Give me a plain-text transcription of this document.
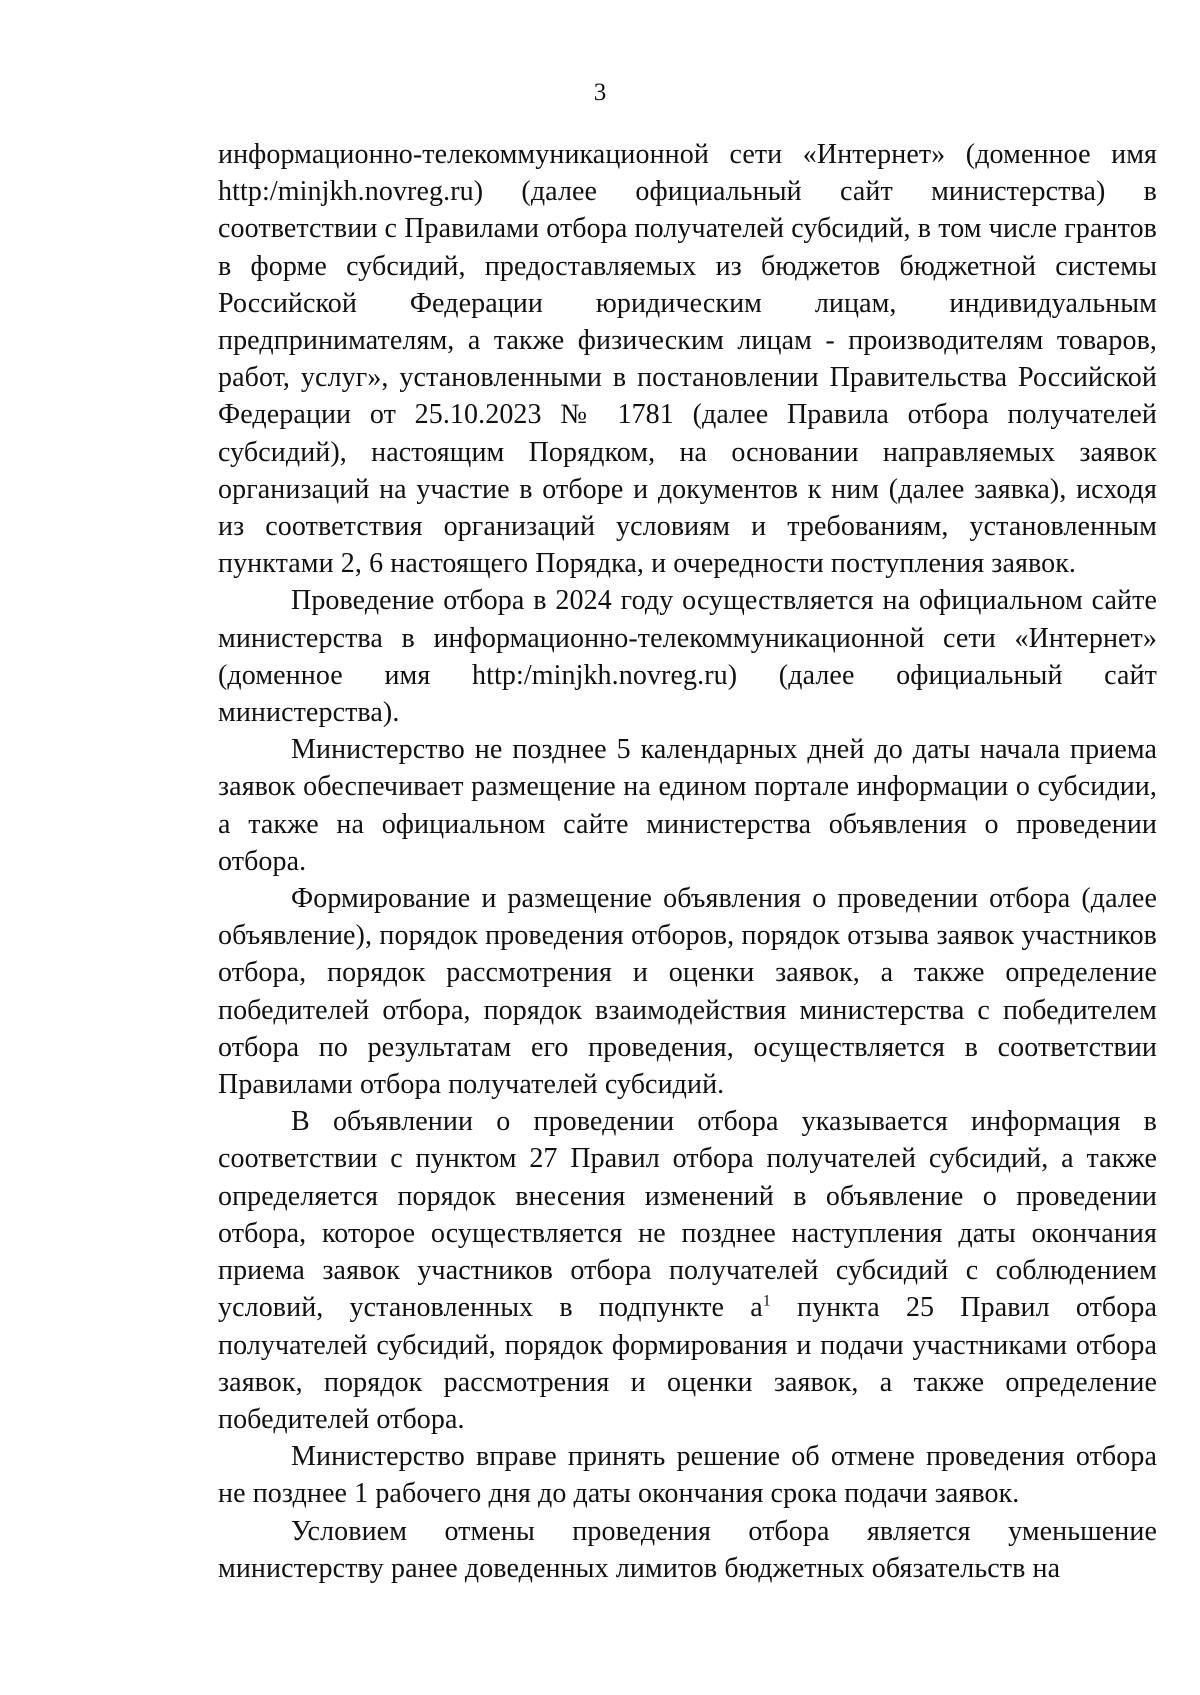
3

информационно-телекоммуникационной сети «Интернет» (доменное имя http:/minjkh.novreg.ru) (далее официальный сайт министерства) в соответствии с Правилами отбора получателей субсидий, в том числе грантов в форме субсидий, предоставляемых из бюджетов бюджетной системы Российской Федерации юридическим лицам, индивидуальным предпринимателям, а также физическим лицам - производителям товаров, работ, услуг», установленными в постановлении Правительства Российской Федерации от 25.10.2023 № 1781 (далее Правила отбора получателей субсидий), настоящим Порядком, на основании направляемых заявок организаций на участие в отборе и документов к ним (далее заявка), исходя из соответствия организаций условиям и требованиям, установленным пунктами 2, 6 настоящего Порядка, и очередности поступления заявок.

Проведение отбора в 2024 году осуществляется на официальном сайте министерства в информационно-телекоммуникационной сети «Интернет» (доменное имя http:/minjkh.novreg.ru) (далее официальный сайт министерства).

Министерство не позднее 5 календарных дней до даты начала приема заявок обеспечивает размещение на едином портале информации о субсидии, а также на официальном сайте министерства объявления о проведении отбора.

Формирование и размещение объявления о проведении отбора (далее объявление), порядок проведения отборов, порядок отзыва заявок участников отбора, порядок рассмотрения и оценки заявок, а также определение победителей отбора, порядок взаимодействия министерства с победителем отбора по результатам его проведения, осуществляется в соответствии Правилами отбора получателей субсидий.

В объявлении о проведении отбора указывается информация в соответствии с пунктом 27 Правил отбора получателей субсидий, а также определяется порядок внесения изменений в объявление о проведении отбора, которое осуществляется не позднее наступления даты окончания приема заявок участников отбора получателей субсидий с соблюдением условий, установленных в подпункте $а^1$ пункта 25 Правил отбора получателей субсидий, порядок формирования и подачи участниками отбора заявок, порядок рассмотрения и оценки заявок, а также определение победителей отбора.

Министерство вправе принять решение об отмене проведения отбора не позднее 1 рабочего дня до даты окончания срока подачи заявок.

Условием отмены проведения отбора является уменьшение министерству ранее доведенных лимитов бюджетных обязательств на
